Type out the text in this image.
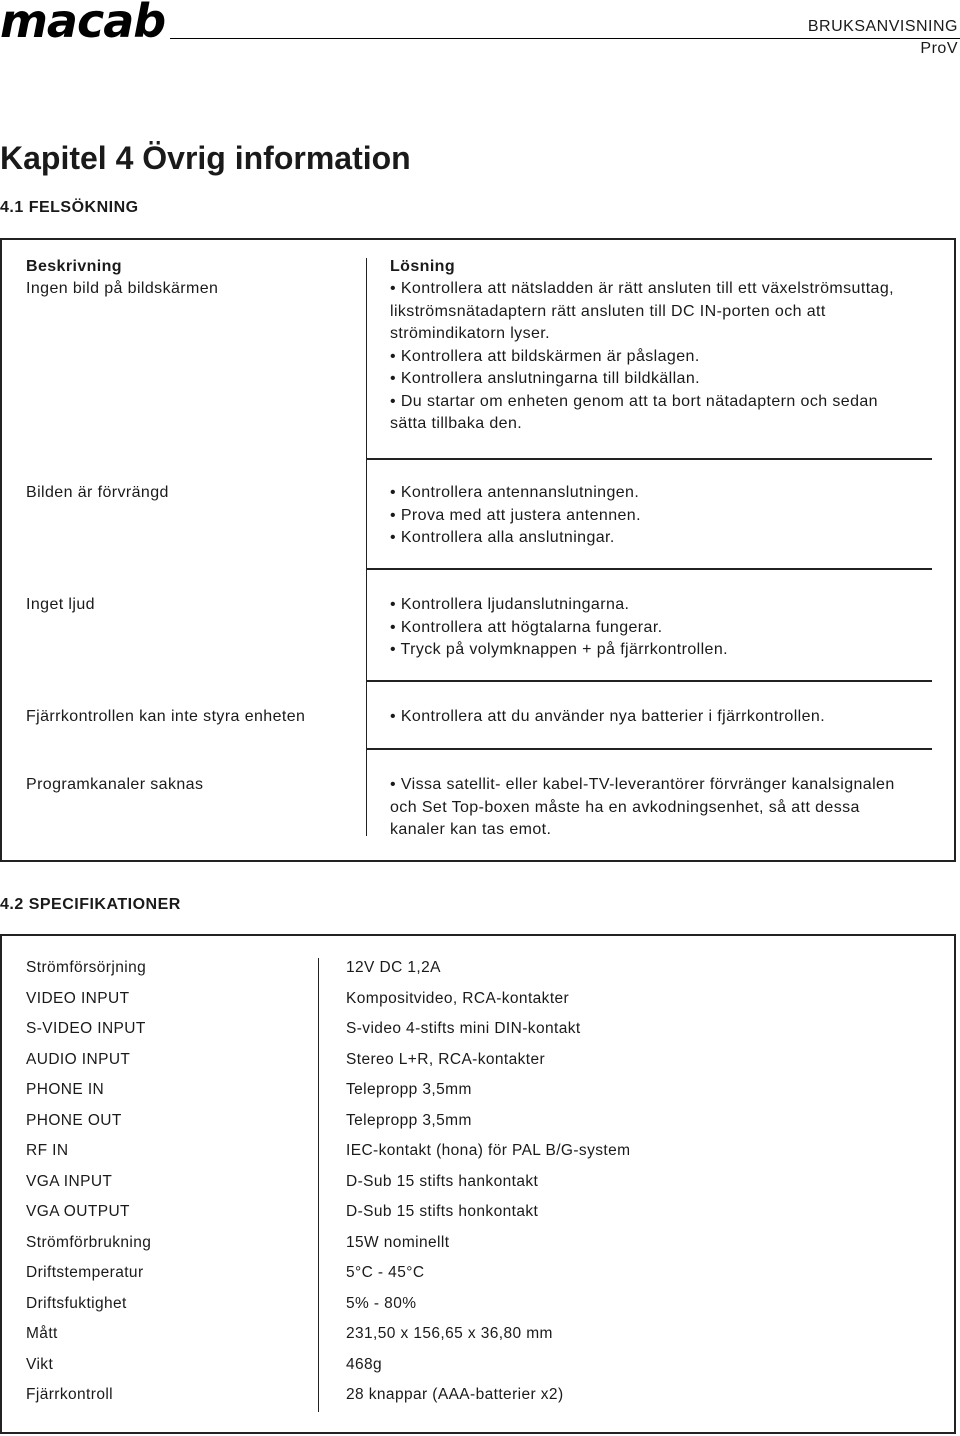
macab	BRUKSANVISNING
ProV
Kapitel 4 Övrig information
4.1 FELSÖKNING
Beskrivning	Lösning
Ingen bild på bildskärmen	• Kontrollera att nätsladden är rätt ansluten till ett växelströmsuttag,
likströmsnätadaptern rätt ansluten till DC IN-porten och att
strömindikatorn lyser.
• Kontrollera att bildskärmen är påslagen.
• Kontrollera anslutningarna till bildkällan.
• Du startar om enheten genom att ta bort nätadaptern och sedan
sätta tillbaka den.
Bilden är förvrängd	• Kontrollera antennanslutningen.
• Prova med att justera antennen.
• Kontrollera alla anslutningar.
Inget ljud	• Kontrollera ljudanslutningarna.
• Kontrollera att högtalarna fungerar.
• Tryck på volymknappen + på fjärrkontrollen.
Fjärrkontrollen kan inte styra enheten	• Kontrollera att du använder nya batterier i fjärrkontrollen.
Programkanaler saknas	• Vissa satellit- eller kabel-TV-leverantörer förvränger kanalsignalen
och Set Top-boxen måste ha en avkodningsenhet, så att dessa
kanaler kan tas emot.
4.2 SPECIFIKATIONER
Strömförsörjning	12V DC 1,2A
VIDEO INPUT	Kompositvideo, RCA-kontakter
S-VIDEO INPUT	S-video 4-stifts mini DIN-kontakt
AUDIO INPUT	Stereo L+R, RCA-kontakter
PHONE IN	Telepropp 3,5mm
PHONE OUT	Telepropp 3,5mm
RF IN	IEC-kontakt (hona) för PAL B/G-system
VGA INPUT	D-Sub 15 stifts hankontakt
VGA OUTPUT	D-Sub 15 stifts honkontakt
Strömförbrukning	15W nominellt
Driftstemperatur	5°C - 45°C
Driftsfuktighet	5% - 80%
Mått	231,50 x 156,65 x 36,80 mm
Vikt	468g
Fjärrkontroll	28 knappar (AAA-batterier x2)
